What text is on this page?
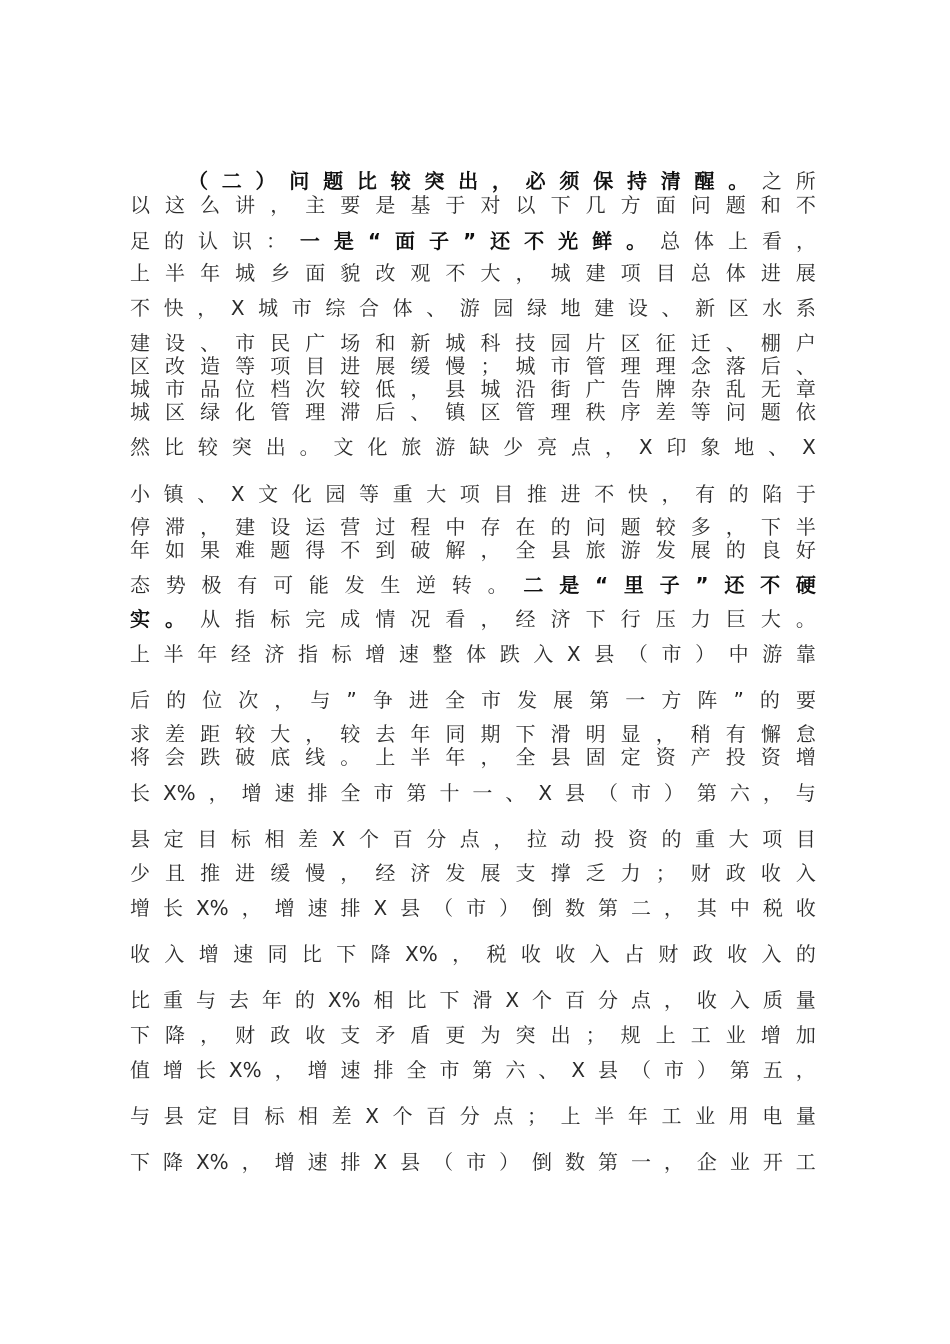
（ 二 ） 问 题 比 较 突 出 ， 必 须 保 持 清 醒 。 之 所
以 这 么 讲 ， 主 要 是 基 于 对 以 下 几 方 面 问 题 和 不
足 的 认 识 ： 一 是 “ 面 子 ” 还 不 光 鲜 。 总 体 上 看 ，
上 半 年 城 乡 面 貌 改 观 不 大 ， 城 建 项 目 总 体 进 展
不 快 ， X 城 市 综 合 体 、 游 园 绿 地 建 设 、 新 区 水 系
建 设 、 市 民 广 场 和 新 城 科 技 园 片 区 征 迁 、 棚 户
区 改 造 等 项 目 进 展 缓 慢 ； 城 市 管 理 理 念 落 后 、
城 市 品 位 档 次 较 低 ， 县 城 沿 街 广 告 牌 杂 乱 无 章
城 区 绿 化 管 理 滞 后 、 镇 区 管 理 秩 序 差 等 问 题 依
然 比 较 突 出 。 文 化 旅 游 缺 少 亮 点 ， X 印 象 地 、 X
小 镇 、 X 文 化 园 等 重 大 项 目 推 进 不 快 ， 有 的 陷 于
停 滞 ， 建 设 运 营 过 程 中 存 在 的 问 题 较 多 ， 下 半
年 如 果 难 题 得 不 到 破 解 ， 全 县 旅 游 发 展 的 良 好
态 势 极 有 可 能 发 生 逆 转 。 二 是 “ 里 子 ” 还 不 硬
实 。 从 指 标 完 成 情 况 看 ， 经 济 下 行 压 力 巨 大 。
上 半 年 经 济 指 标 增 速 整 体 跌 入 X 县 （ 市 ） 中 游 靠
后 的 位 次 ， 与 ” 争 进 全 市 发 展 第 一 方 阵 ” 的 要
求 差 距 较 大 ， 较 去 年 同 期 下 滑 明 显 ， 稍 有 懈 怠
将 会 跌 破 底 线 。 上 半 年 ， 全 县 固 定 资 产 投 资 增
长 X% ， 增 速 排 全 市 第 十 一 、 X 县 （ 市 ） 第 六 ， 与
县 定 目 标 相 差 X 个 百 分 点 ， 拉 动 投 资 的 重 大 项 目
少 且 推 进 缓 慢 ， 经 济 发 展 支 撑 乏 力 ； 财 政 收 入
增 长 X% ， 增 速 排 X 县 （ 市 ） 倒 数 第 二 ， 其 中 税 收
收 入 增 速 同 比 下 降 X% ， 税 收 收 入 占 财 政 收 入 的
比 重 与 去 年 的 X% 相 比 下 滑 X 个 百 分 点 ， 收 入 质 量
下 降 ， 财 政 收 支 矛 盾 更 为 突 出 ； 规 上 工 业 增 加
值 增 长 X% ， 增 速 排 全 市 第 六 、 X 县 （ 市 ） 第 五 ，
与 县 定 目 标 相 差 X 个 百 分 点 ； 上 半 年 工 业 用 电 量
下 降 X% ， 增 速 排 X 县 （ 市 ） 倒 数 第 一 ， 企 业 开 工
